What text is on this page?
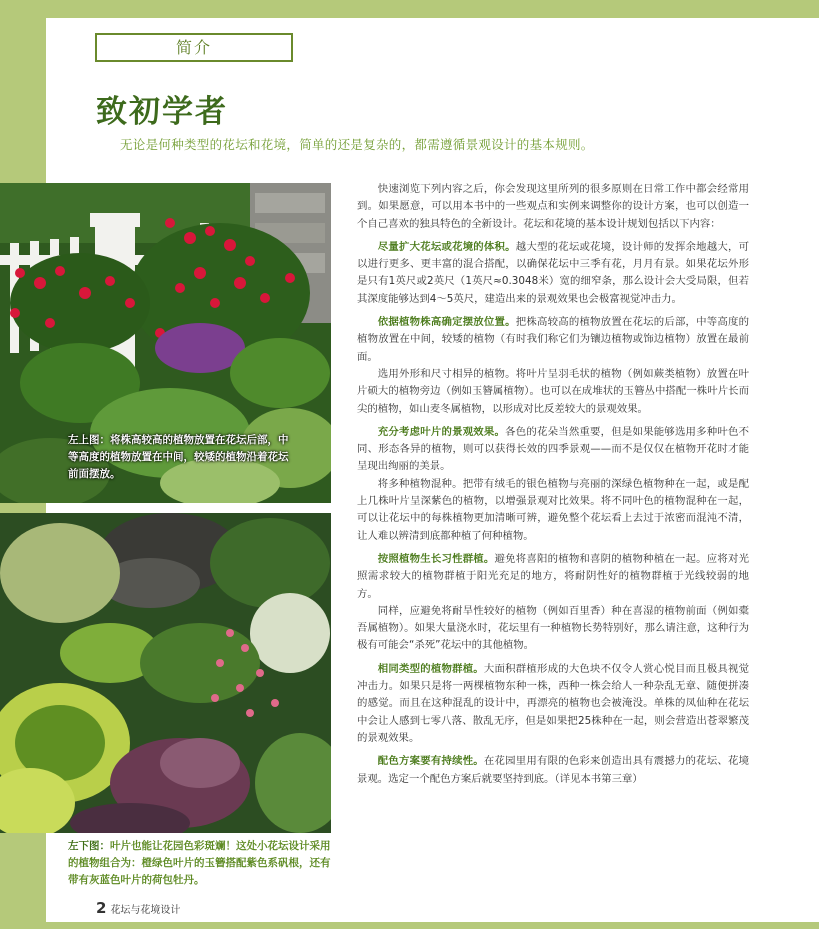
简介
致初学者
无论是何种类型的花坛和花境，简单的还是复杂的，都需遵循景观设计的基本规则。
左上图：将株高较高的植物放置在花坛后部，中等高度的植物放置在中间，较矮的植物沿着花坛前面摆放。
左下图：叶片也能让花园色彩斑斓！这处小花坛设计采用的植物组合为：橙绿色叶片的玉簪搭配紫色系矾根，还有带有灰蓝色叶片的荷包牡丹。

快速浏览下列内容之后，你会发现这里所列的很多原则在日常工作中都会经常用到。如果愿意，可以用本书中的一些观点和实例来调整你的设计方案，也可以创造一个自己喜欢的独具特色的全新设计。花坛和花境的基本设计规划包括以下内容：

尽量扩大花坛或花境的体积。越大型的花坛或花境，设计师的发挥余地越大，可以进行更多、更丰富的混合搭配，以确保花坛中三季有花，月月有景。如果花坛外形是只有1英尺或2英尺（1英尺≈0.3048米）宽的细窄条，那么设计会大受局限，但若其深度能够达到4～5英尺，建造出来的景观效果也会极富视觉冲击力。

依据植物株高确定摆放位置。把株高较高的植物放置在花坛的后部，中等高度的植物放置在中间，较矮的植物（有时我们称它们为镶边植物或饰边植物）放置在最前面。

选用外形和尺寸相异的植物。将叶片呈羽毛状的植物（例如蕨类植物）放置在叶片硕大的植物旁边（例如玉簪属植物）。也可以在成堆状的玉簪丛中搭配一株叶片长而尖的植物，如山麦冬属植物，以形成对比反差较大的景观效果。

充分考虑叶片的景观效果。各色的花朵当然重要，但是如果能够选用多种叶色不同、形态各异的植物，则可以获得长效的四季景观——而不是仅仅在植物开花时才能呈现出绚丽的美景。

将多种植物混种。把带有绒毛的银色植物与亮丽的深绿色植物种在一起，或是配上几株叶片呈深紫色的植物，以增强景观对比效果。将不同叶色的植物混种在一起，可以让花坛中的每株植物更加清晰可辨，避免整个花坛看上去过于浓密而混沌不清，让人难以辨清到底都种植了何种植物。

按照植物生长习性群植。避免将喜阳的植物和喜阴的植物种植在一起。应将对光照需求较大的植物群植于阳光充足的地方，将耐阴性好的植物群植于光线较弱的地方。

同样，应避免将耐旱性较好的植物（例如百里香）种在喜湿的植物前面（例如橐吾属植物）。如果大量浇水时，花坛里有一种植物长势特别好，那么请注意，这种行为极有可能会“杀死”花坛中的其他植物。

相同类型的植物群植。大面积群植形成的大色块不仅令人赏心悦目而且极具视觉冲击力。如果只是将一两棵植物东种一株，西种一株会给人一种杂乱无章、随便拼凑的感觉。而且在这种混乱的设计中，再漂亮的植物也会被淹没。单株的凤仙种在花坛中会让人感到七零八落、散乱无序，但是如果把25株种在一起，则会营造出苍翠繁茂的景观效果。

配色方案要有持续性。在花园里用有限的色彩来创造出具有震撼力的花坛、花境景观。选定一个配色方案后就要坚持到底。（详见本书第三章）

2 花坛与花境设计
